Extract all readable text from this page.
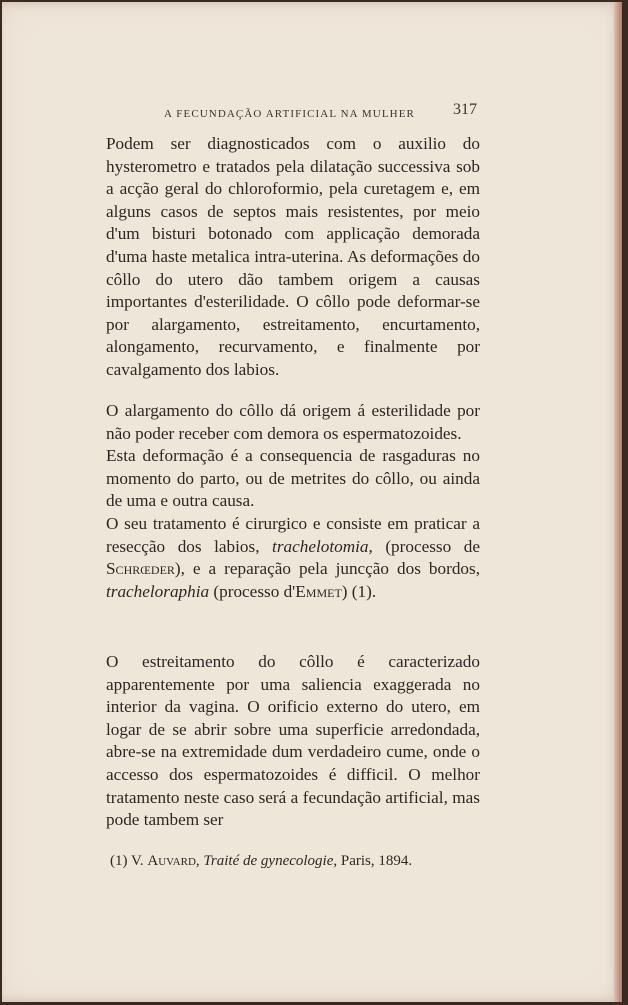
A FECUNDAÇÃO ARTIFICIAL NA MULHER 317

Podem ser diagnosticados com o auxilio do hysterometro e tratados pela dilatação successiva sob a acção geral do chloroformio, pela curetagem e, em alguns casos de septos mais resistentes, por meio d'um bisturi botonado com applicação demorada d'uma haste metalica intra-uterina. As deformações do côllo do utero dão tambem origem a causas importantes d'esterilidade. O côllo pode deformar-se por alargamento, estreitamento, encurtamento, alongamento, recurvamento, e finalmente por cavalgamento dos labios.

O alargamento do côllo dá origem á esterilidade por não poder receber com demora os espermatozoides.

Esta deformação é a consequencia de rasgaduras no momento do parto, ou de metrites do côllo, ou ainda de uma e outra causa.

O seu tratamento é cirurgico e consiste em praticar a resecção dos labios, trachelotomia, (processo de Schrœder), e a reparação pela juncção dos bordos, tracheloraphia (processo d'Emmet) (1).

O estreitamento do côllo é caracterizado apparentemente por uma saliencia exaggerada no interior da vagina. O orificio externo do utero, em logar de se abrir sobre uma superficie arredondada, abre-se na extremidade dum verdadeiro cume, onde o accesso dos espermatozoides é difficil. O melhor tratamento neste caso será a fecundação artificial, mas pode tambem ser

(1) V. Auvard, Traité de gynecologie, Paris, 1894.
